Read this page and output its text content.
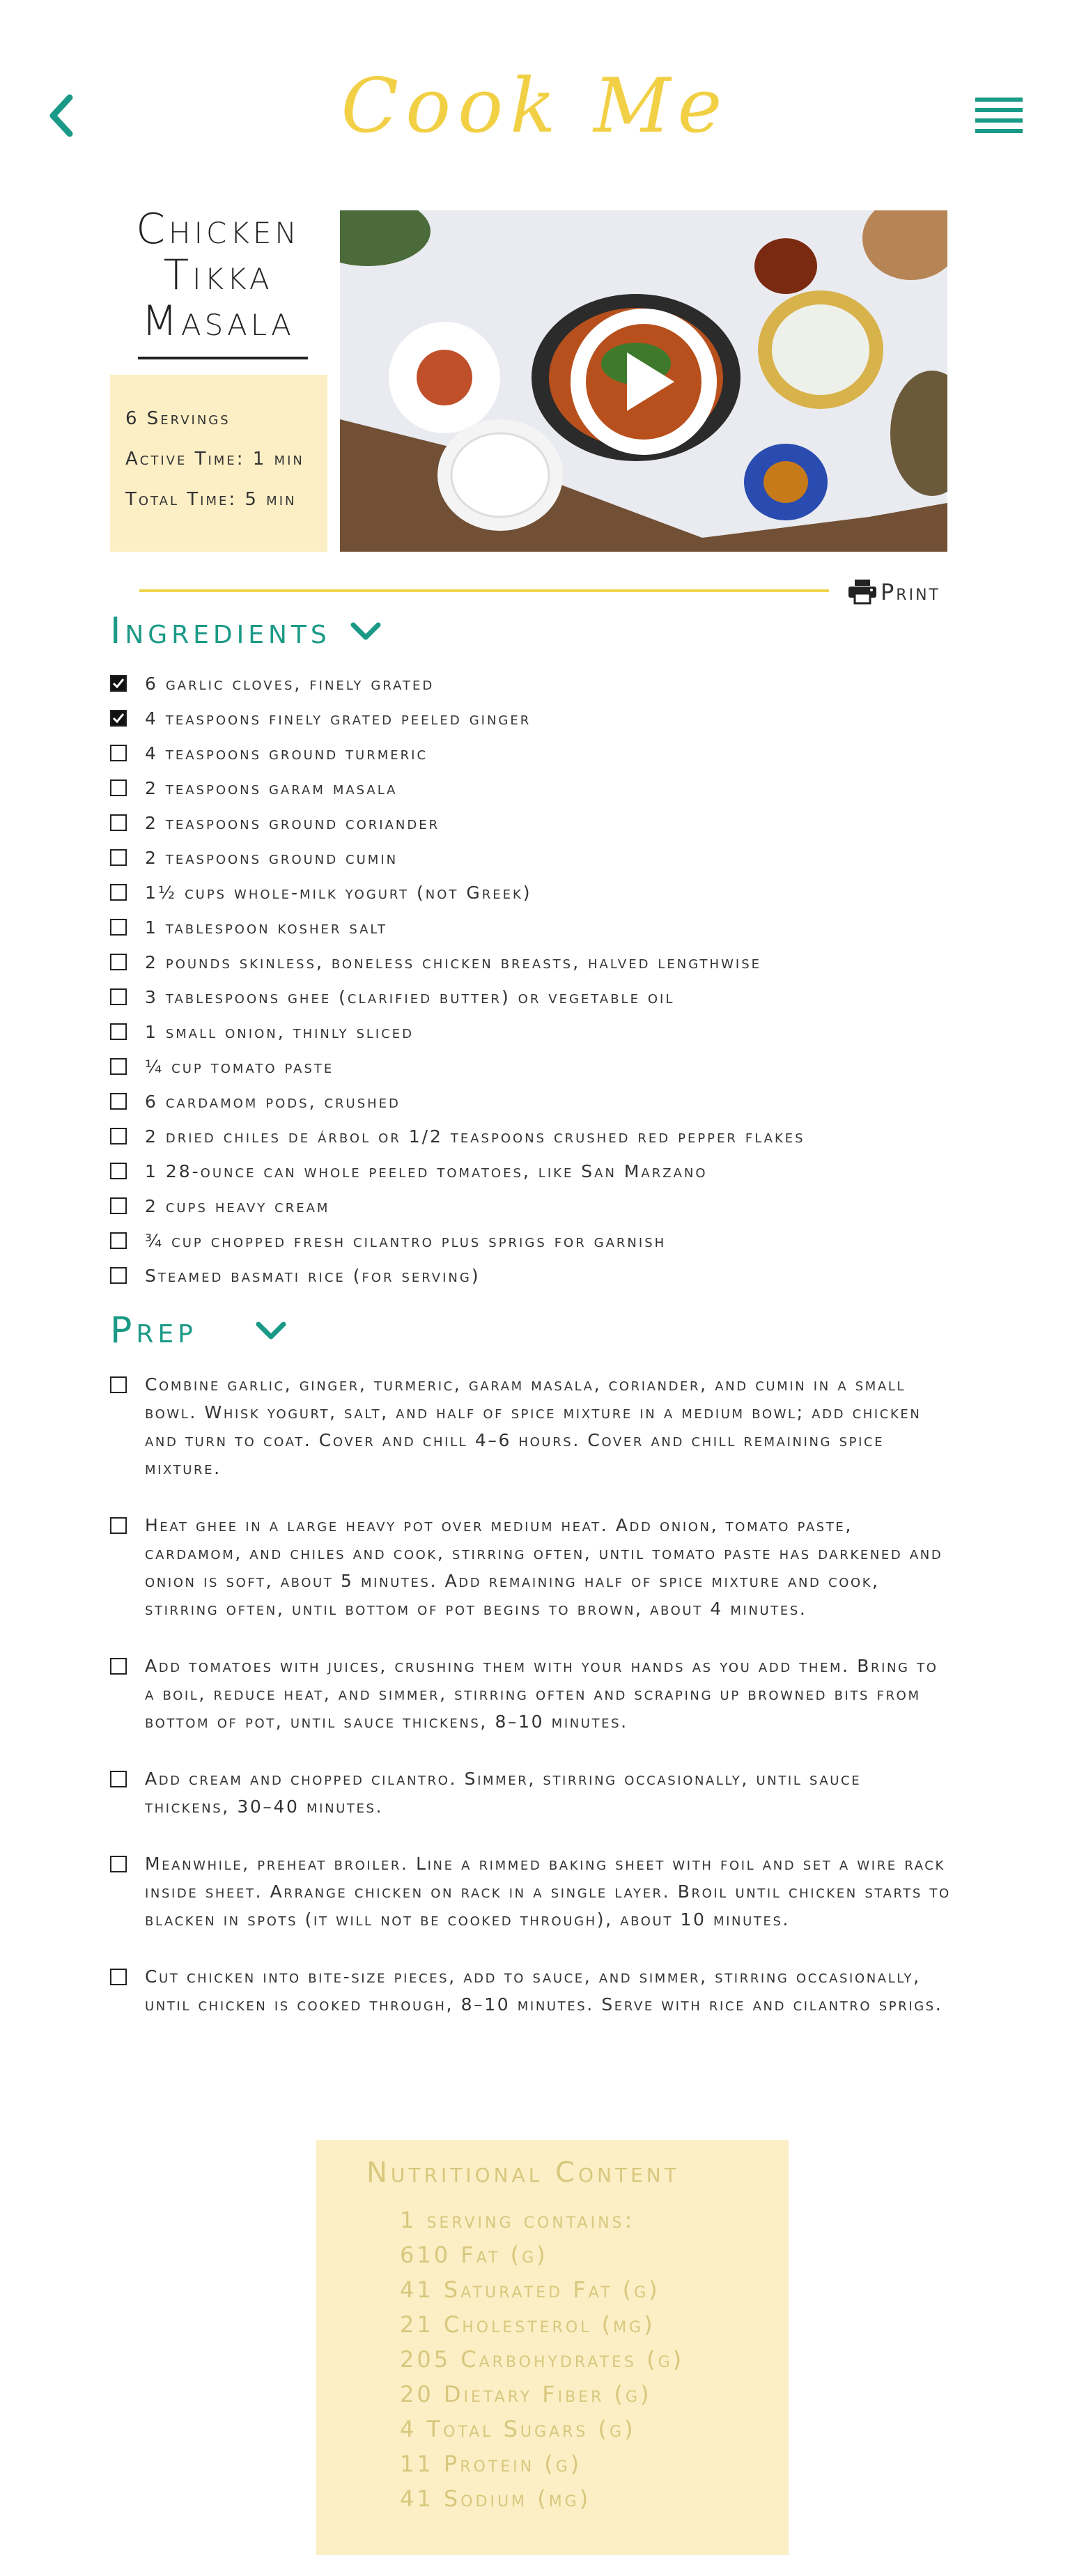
Cook Me
Chicken
Tikka
Masala
6 Servings
Active Time: 1 min
Total Time: 5 min
Print
Ingredients
6 garlic cloves, finely grated
4 teaspoons finely grated peeled ginger
4 teaspoons ground turmeric
2 teaspoons garam masala
2 teaspoons ground coriander
2 teaspoons ground cumin
1½ cups whole-milk yogurt (not Greek)
1 tablespoon kosher salt
2 pounds skinless, boneless chicken breasts, halved lengthwise
3 tablespoons ghee (clarified butter) or vegetable oil
1 small onion, thinly sliced
¼ cup tomato paste
6 cardamom pods, crushed
2 dried chiles de árbol or 1/2 teaspoons crushed red pepper flakes
1 28-ounce can whole peeled tomatoes, like San Marzano
2 cups heavy cream
¾ cup chopped fresh cilantro plus sprigs for garnish
Steamed basmati rice (for serving)
Prep
Combine garlic, ginger, turmeric, garam masala, coriander, and cumin in a small bowl. Whisk yogurt, salt, and half of spice mixture in a medium bowl; add chicken and turn to coat. Cover and chill 4–6 hours. Cover and chill remaining spice mixture.
Heat ghee in a large heavy pot over medium heat. Add onion, tomato paste, cardamom, and chiles and cook, stirring often, until tomato paste has darkened and onion is soft, about 5 minutes. Add remaining half of spice mixture and cook, stirring often, until bottom of pot begins to brown, about 4 minutes.
Add tomatoes with juices, crushing them with your hands as you add them. Bring to a boil, reduce heat, and simmer, stirring often and scraping up browned bits from bottom of pot, until sauce thickens, 8–10 minutes.
Add cream and chopped cilantro. Simmer, stirring occasionally, until sauce thickens, 30–40 minutes.
Meanwhile, preheat broiler. Line a rimmed baking sheet with foil and set a wire rack inside sheet. Arrange chicken on rack in a single layer. Broil until chicken starts to blacken in spots (it will not be cooked through), about 10 minutes.
Cut chicken into bite-size pieces, add to sauce, and simmer, stirring occasionally, until chicken is cooked through, 8–10 minutes. Serve with rice and cilantro sprigs.
Nutritional Content
1 serving contains:
610 Fat (g)
41 Saturated Fat (g)
21 Cholesterol (mg)
205 Carbohydrates (g)
20 Dietary Fiber (g)
4 Total Sugars (g)
11 Protein (g)
41 Sodium (mg)
